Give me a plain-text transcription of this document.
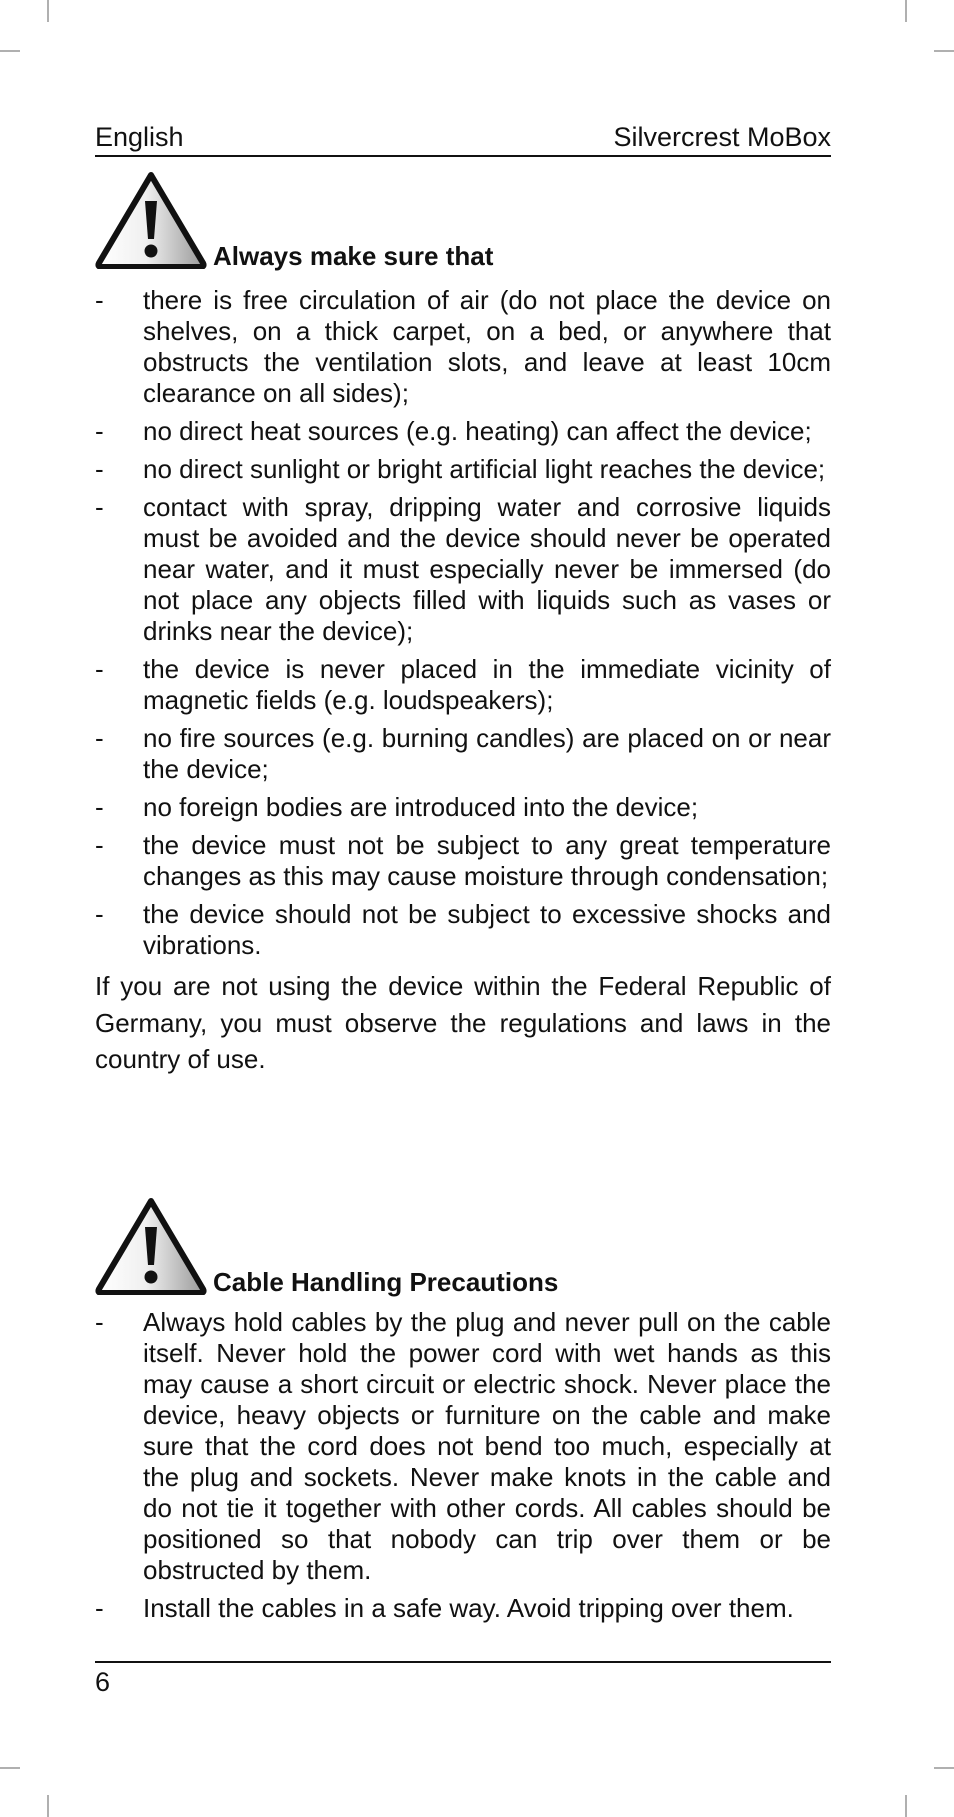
English	Silvercrest MoBox
Always make sure that
- there is free circulation of air (do not place the device on shelves, on a thick carpet, on a bed, or anywhere that obstructs the ventilation slots, and leave at least 10cm clearance on all sides);
- no direct heat sources (e.g. heating) can affect the device;
- no direct sunlight or bright artificial light reaches the device;
- contact with spray, dripping water and corrosive liquids must be avoided and the device should never be operated near water, and it must especially never be immersed (do not place any objects filled with liquids such as vases or drinks near the device);
- the device is never placed in the immediate vicinity of magnetic fields (e.g. loudspeakers);
- no fire sources (e.g. burning candles) are placed on or near the device;
- no foreign bodies are introduced into the device;
- the device must not be subject to any great temperature changes as this may cause moisture through condensation;
- the device should not be subject to excessive shocks and vibrations.

If you are not using the device within the Federal Republic of Germany, you must observe the regulations and laws in the country of use.

Cable Handling Precautions
- Always hold cables by the plug and never pull on the cable itself. Never hold the power cord with wet hands as this may cause a short circuit or electric shock. Never place the device, heavy objects or furniture on the cable and make sure that the cord does not bend too much, especially at the plug and sockets. Never make knots in the cable and do not tie it together with other cords. All cables should be positioned so that nobody can trip over them or be obstructed by them.
- Install the cables in a safe way. Avoid tripping over them.
6
